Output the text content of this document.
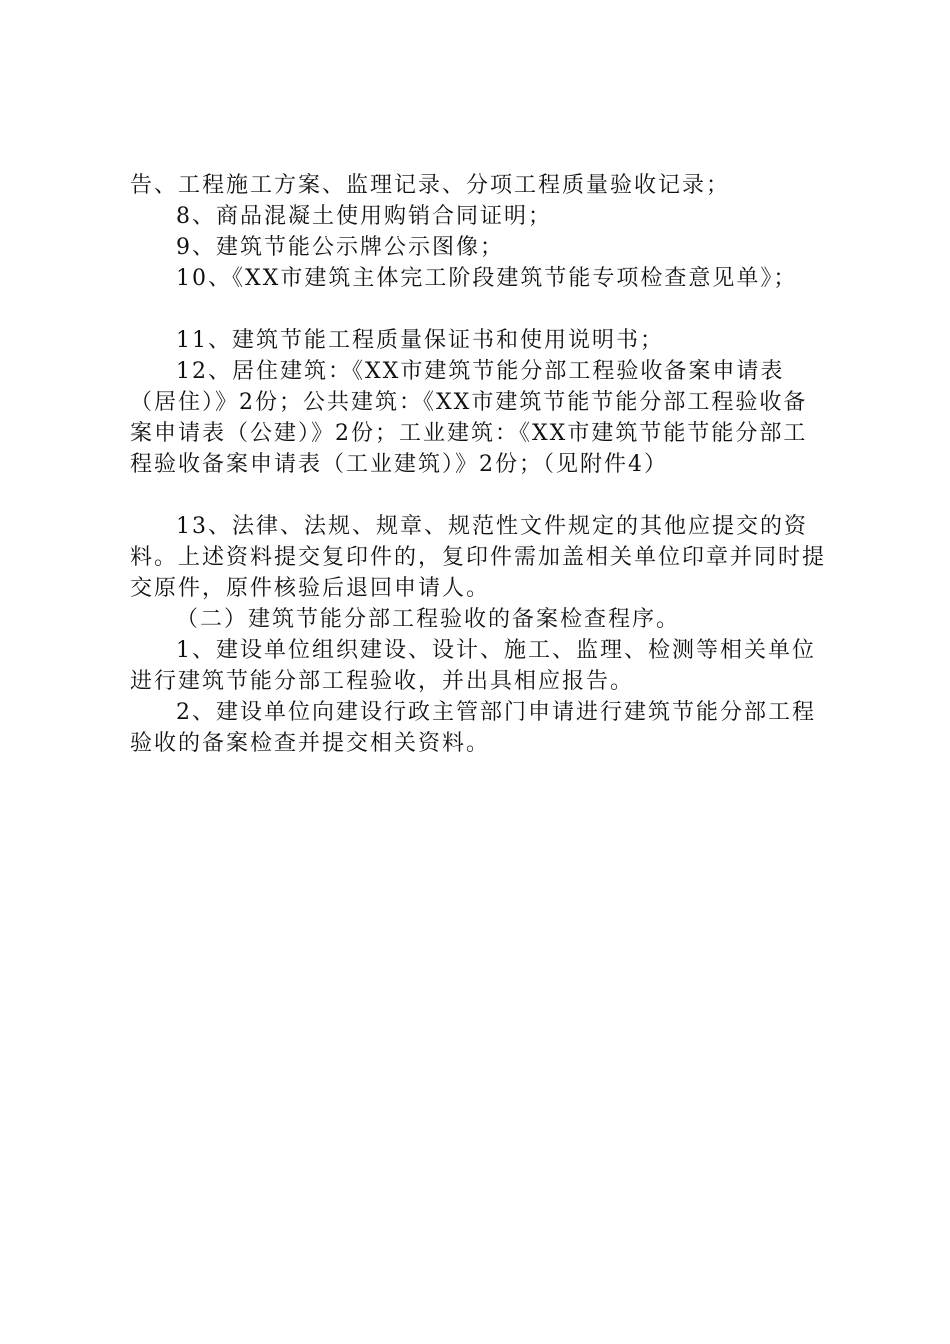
告、工程施工方案、监理记录、分项工程质量验收记录；

8、商品混凝土使用购销合同证明；

9、建筑节能公示牌公示图像；

10、《XX市建筑主体完工阶段建筑节能专项检查意见单》；

11、建筑节能工程质量保证书和使用说明书；

12、居住建筑：《XX市建筑节能分部工程验收备案申请表（居住）》2份；公共建筑：《XX市建筑节能节能分部工程验收备案申请表（公建）》2份；工业建筑：《XX市建筑节能节能分部工程验收备案申请表（工业建筑）》2份；（见附件4）

13、法律、法规、规章、规范性文件规定的其他应提交的资料。上述资料提交复印件的，复印件需加盖相关单位印章并同时提交原件，原件核验后退回申请人。

（二）建筑节能分部工程验收的备案检查程序。

1、建设单位组织建设、设计、施工、监理、检测等相关单位进行建筑节能分部工程验收，并出具相应报告。

2、建设单位向建设行政主管部门申请进行建筑节能分部工程验收的备案检查并提交相关资料。
